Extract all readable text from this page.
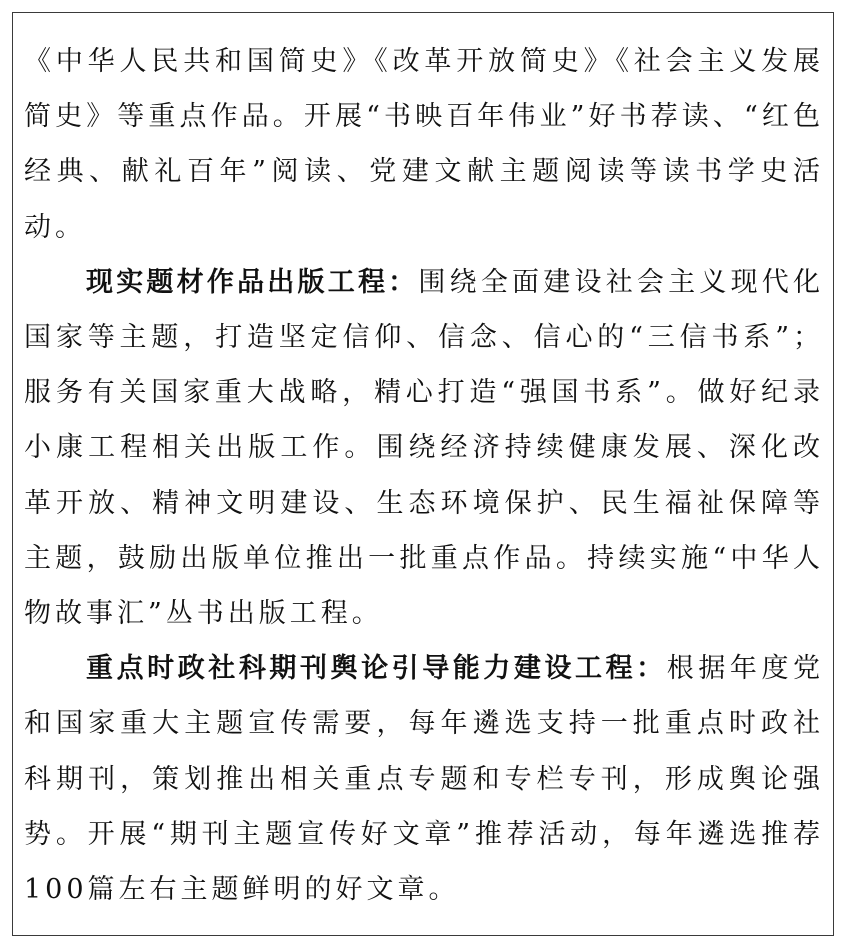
《中华人民共和国简史》《改革开放简史》《社会主义发展简史》等重点作品。开展“书映百年伟业”好书荐读、“红色经典、献礼百年”阅读、党建文献主题阅读等读书学史活动。

现实题材作品出版工程：围绕全面建设社会主义现代化国家等主题，打造坚定信仰、信念、信心的“三信书系”；服务有关国家重大战略，精心打造“强国书系”。做好纪录小康工程相关出版工作。围绕经济持续健康发展、深化改革开放、精神文明建设、生态环境保护、民生福祉保障等主题，鼓励出版单位推出一批重点作品。持续实施“中华人物故事汇”丛书出版工程。

重点时政社科期刊舆论引导能力建设工程：根据年度党和国家重大主题宣传需要，每年遴选支持一批重点时政社科期刊，策划推出相关重点专题和专栏专刊，形成舆论强势。开展“期刊主题宣传好文章”推荐活动，每年遴选推荐100篇左右主题鲜明的好文章。
